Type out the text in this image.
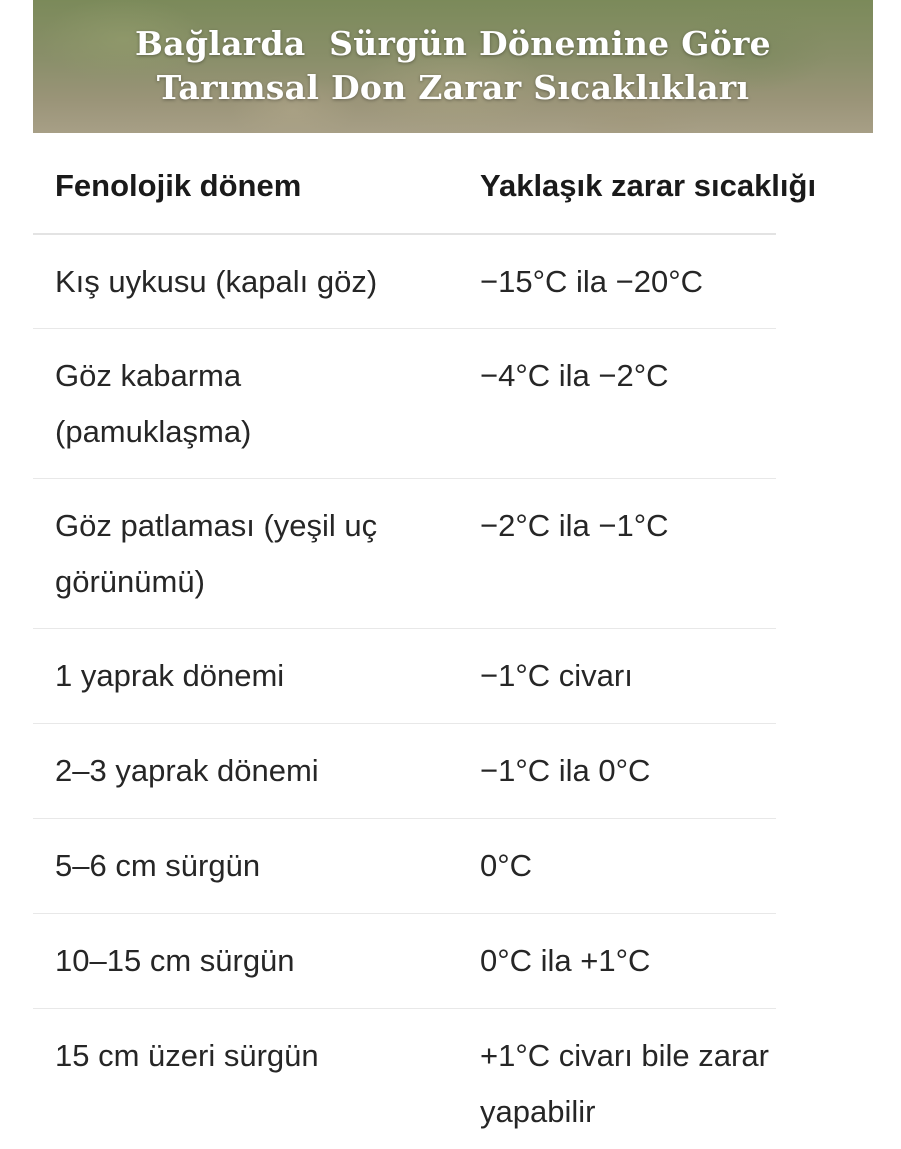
Bağlarda  Sürgün Dönemine Göre
Tarımsal Don Zarar Sıcaklıkları
Fenolojik dönem	Yaklaşık zarar sıcaklığı

Kış uykusu (kapalı göz)	−15°C ila −20°C

Göz kabarma
(pamuklaşma)	−4°C ila −2°C

Göz patlaması (yeşil uç
görünümü)	−2°C ila −1°C

1 yaprak dönemi	−1°C civarı

2–3 yaprak dönemi	−1°C ila 0°C

5–6 cm sürgün	0°C

10–15 cm sürgün	0°C ila +1°C

15 cm üzeri sürgün	+1°C civarı bile zarar
yapabilir
